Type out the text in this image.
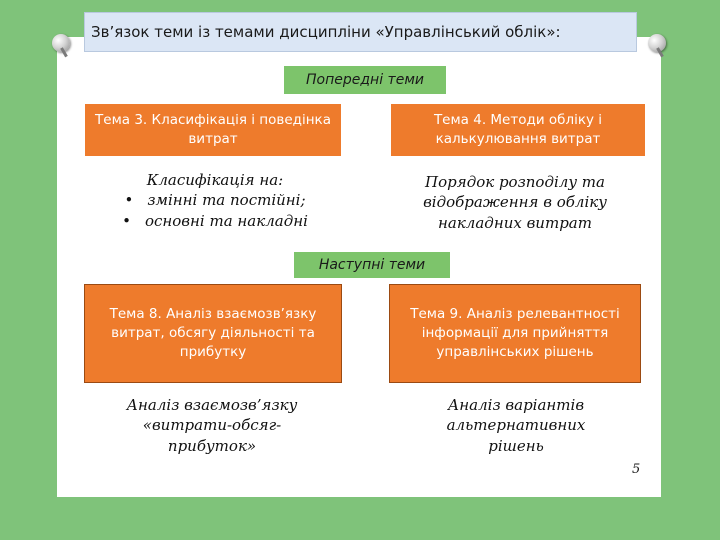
Зв’язок теми із темами дисципліни «Управлінський облік»:
Попередні теми
Тема 3. Класифікація і поведінка витрат
Тема 4. Методи обліку і калькулювання витрат
Класифікація на:
• змінні та постійні;
• основні та накладні
Порядок розподілу та відображення в обліку накладних витрат
Наступні теми
Тема 8. Аналіз взаємозв’язку витрат, обсягу діяльності та прибутку
Тема 9. Аналіз релевантності інформації для прийняття управлінських рішень
Аналіз взаємозв’язку «витрати-обсяг-прибуток»
Аналіз варіантів альтернативних рішень
5
